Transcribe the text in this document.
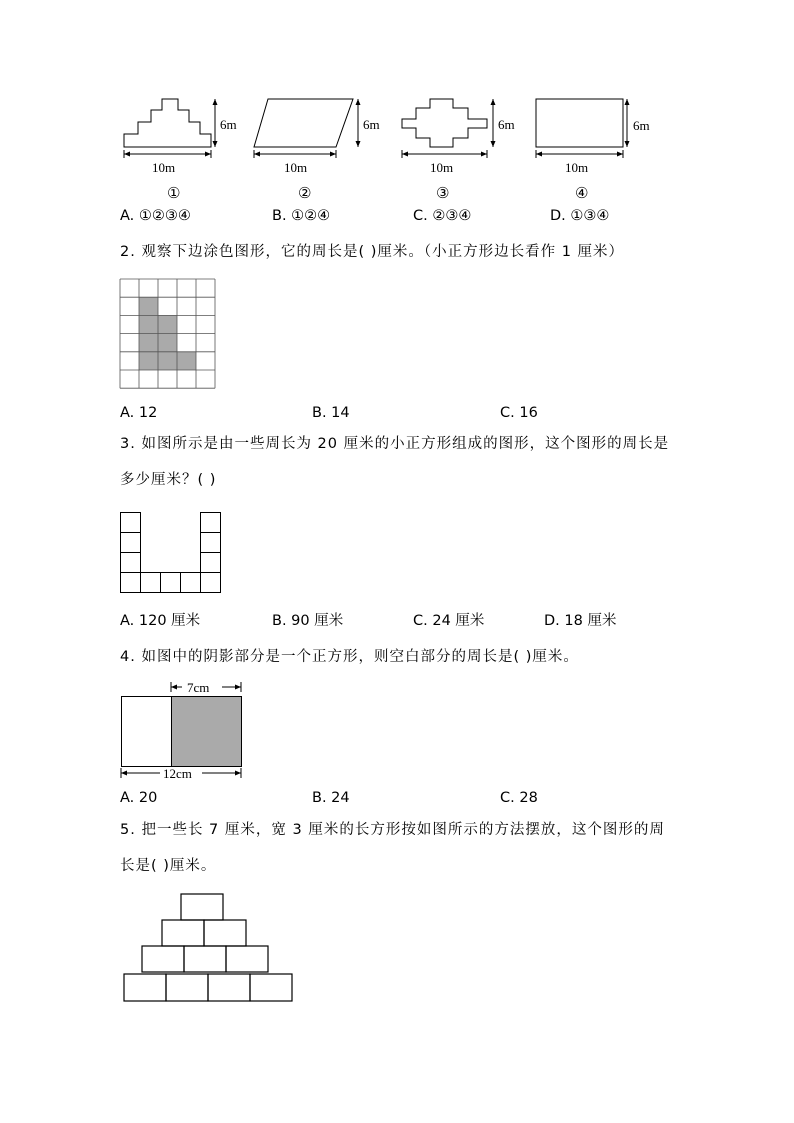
6m
10m
①
6m
10m
②
6m
10m
③
6m
10m
④
A. ①②③④	B. ①②④	C. ②③④	D. ①③④
2. 观察下边涂色图形，它的周长是( )厘米。（小正方形边长看作 1 厘米）
A. 12	B. 14	C. 16
3. 如图所示是由一些周长为 20 厘米的小正方形组成的图形，这个图形的周长是
多少厘米？( )
A. 120 厘米	B. 90 厘米	C. 24 厘米	D. 18 厘米
4. 如图中的阴影部分是一个正方形，则空白部分的周长是( )厘米。
7cm
12cm
A. 20	B. 24	C. 28
5. 把一些长 7 厘米，宽 3 厘米的长方形按如图所示的方法摆放，这个图形的周
长是( )厘米。
